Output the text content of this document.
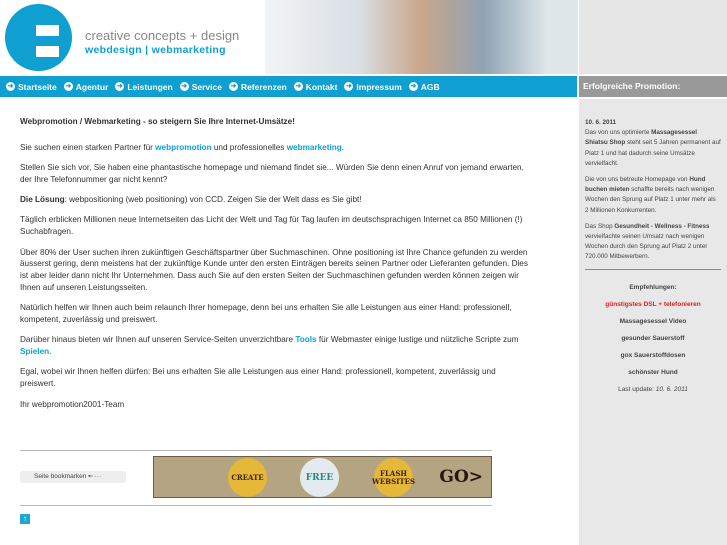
creative concepts + design
webdesign | webmarketing
➜ Startseite ➜ Agentur ➜ Leistungen ➜ Service ➜ Referenzen ➜ Kontakt ➜ Impressum ➜ AGB	Erfolgreiche Promotion:

10. 6. 2011

Das von uns optimierte Massagesessel Shiatsu Shop steht seit 5 Jahren permanent auf Platz 1 und hat dadurch seine Umsätze vervielfacht.

Die von uns betreute Homepage von Hund buchen mieten schaffte bereits nach wenigen Wochen den Sprung auf Platz 1 unter mehr als 2 Millionen Konkurrenten.

Das Shop Gesundheit - Wellness - Fitness vervielfachte seinen Umsatz nach wenigen Wochen durch den Sprung auf Platz 2 unter 720.000 Mitbewerbern.

Empfehlungen:
günstigstes DSL + telefonieren
Massagesessel Video
gesunder Sauerstoff
gox Sauerstoffdosen
schönster Hund
Last update: 10. 6. 2011
Webpromotion / Webmarketing - so steigern Sie Ihre Internet-Umsätze!

Sie suchen einen starken Partner für webpromotion und professionelles webmarketing.

Stellen Sie sich vor, Sie haben eine phantastische homepage und niemand findet sie... Würden Sie denn einen Anruf von jemand erwarten, der Ihre Telefonnummer gar nicht kennt?

Die Lösung: webpositioning (web positioning) von CCD. Zeigen Sie der Welt dass es Sie gibt!

Täglich erblicken Millionen neue Internetseiten das Licht der Welt und Tag für Tag laufen im deutschsprachigen Internet ca 850 Millionen (!) Suchabfragen.

Über 80% der User suchen ihren zukünftigen Geschäftspartner über Suchmaschinen. Ohne positioning ist Ihre Chance gefunden zu werden äusserst gering, denn meistens hat der zukünftige Kunde unter den ersten Einträgen bereits seinen Partner oder Lieferanten gefunden. Dies ist aber leider dann nicht Ihr Unternehmen. Dass auch Sie auf den ersten Seiten der Suchmaschinen gefunden werden können zeigen wir Ihnen auf unseren Leistungsseiten.

Natürlich helfen wir Ihnen auch beim relaunch Ihrer homepage, denn bei uns erhalten Sie alle Leistungen aus einer Hand: professionell, kompetent, zuverlässig und preiswert.

Darüber hinaus bieten wir Ihnen auf unseren Service-Seiten unverzichtbare Tools für Webmaster einige lustige und nützliche Scripte zum Spielen.

Egal, wobei wir Ihnen helfen dürfen: Bei uns erhalten Sie alle Leistungen aus einer Hand: professionell, kompetent, zuverlässig und preiswert.

Ihr webpromotion2001-Team

Seite bookmarken ▪▫ ···	CREATE	FREE	FLASH WEBSITES GO>
↑
